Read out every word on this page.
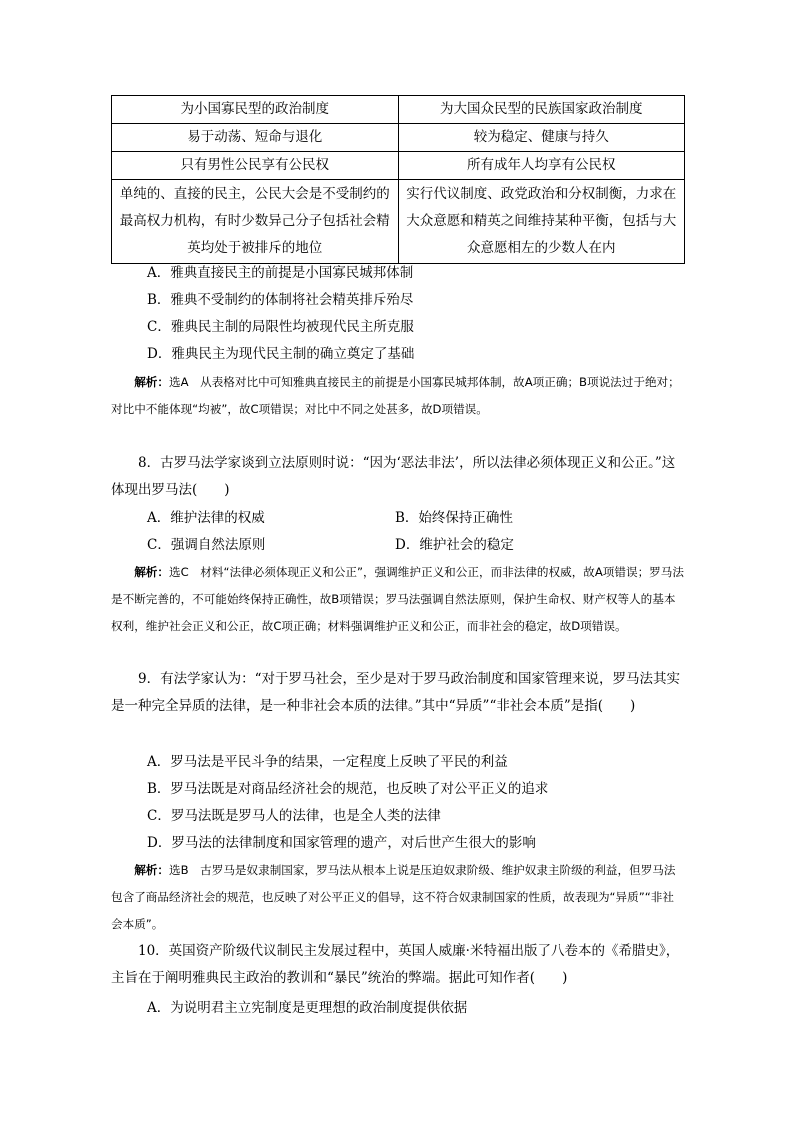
为小国寡民型的政治制度	为大国众民型的民族国家政治制度
易于动荡、短命与退化	较为稳定、健康与持久
只有男性公民享有公民权	所有成年人均享有公民权
单纯的、直接的民主，公民大会是不受制约的最高权力机构，有时少数异己分子包括社会精英均处于被排斥的地位	实行代议制度、政党政治和分权制衡，力求在大众意愿和精英之间维持某种平衡，包括与大众意愿相左的少数人在内
A．雅典直接民主的前提是小国寡民城邦体制
B．雅典不受制约的体制将社会精英排斥殆尽
C．雅典民主制的局限性均被现代民主所克服
D．雅典民主为现代民主制的确立奠定了基础
解析：选A　从表格对比中可知雅典直接民主的前提是小国寡民城邦体制，故A项正确；B项说法过于绝对；对比中不能体现“均被”，故C项错误；对比中不同之处甚多，故D项错误。
8．古罗马法学家谈到立法原则时说：“因为‘恶法非法’，所以法律必须体现正义和公正。”这体现出罗马法(　　)
A．维护法律的权威	B．始终保持正确性
C．强调自然法原则	D．维护社会的稳定
解析：选C　材料“法律必须体现正义和公正”，强调维护正义和公正，而非法律的权威，故A项错误；罗马法是不断完善的，不可能始终保持正确性，故B项错误；罗马法强调自然法原则，保护生命权、财产权等人的基本权利，维护社会正义和公正，故C项正确；材料强调维护正义和公正，而非社会的稳定，故D项错误。
9．有法学家认为：“对于罗马社会，至少是对于罗马政治制度和国家管理来说，罗马法其实是一种完全异质的法律，是一种非社会本质的法律。”其中“异质”“非社会本质”是指(　　)
A．罗马法是平民斗争的结果，一定程度上反映了平民的利益
B．罗马法既是对商品经济社会的规范，也反映了对公平正义的追求
C．罗马法既是罗马人的法律，也是全人类的法律
D．罗马法的法律制度和国家管理的遗产，对后世产生很大的影响
解析：选B　古罗马是奴隶制国家，罗马法从根本上说是压迫奴隶阶级、维护奴隶主阶级的利益，但罗马法包含了商品经济社会的规范，也反映了对公平正义的倡导，这不符合奴隶制国家的性质，故表现为“异质”“非社会本质”。
10．英国资产阶级代议制民主发展过程中，英国人威廉·米特福出版了八卷本的《希腊史》，主旨在于阐明雅典民主政治的教训和“暴民”统治的弊端。据此可知作者(　　)
A．为说明君主立宪制度是更理想的政治制度提供依据
